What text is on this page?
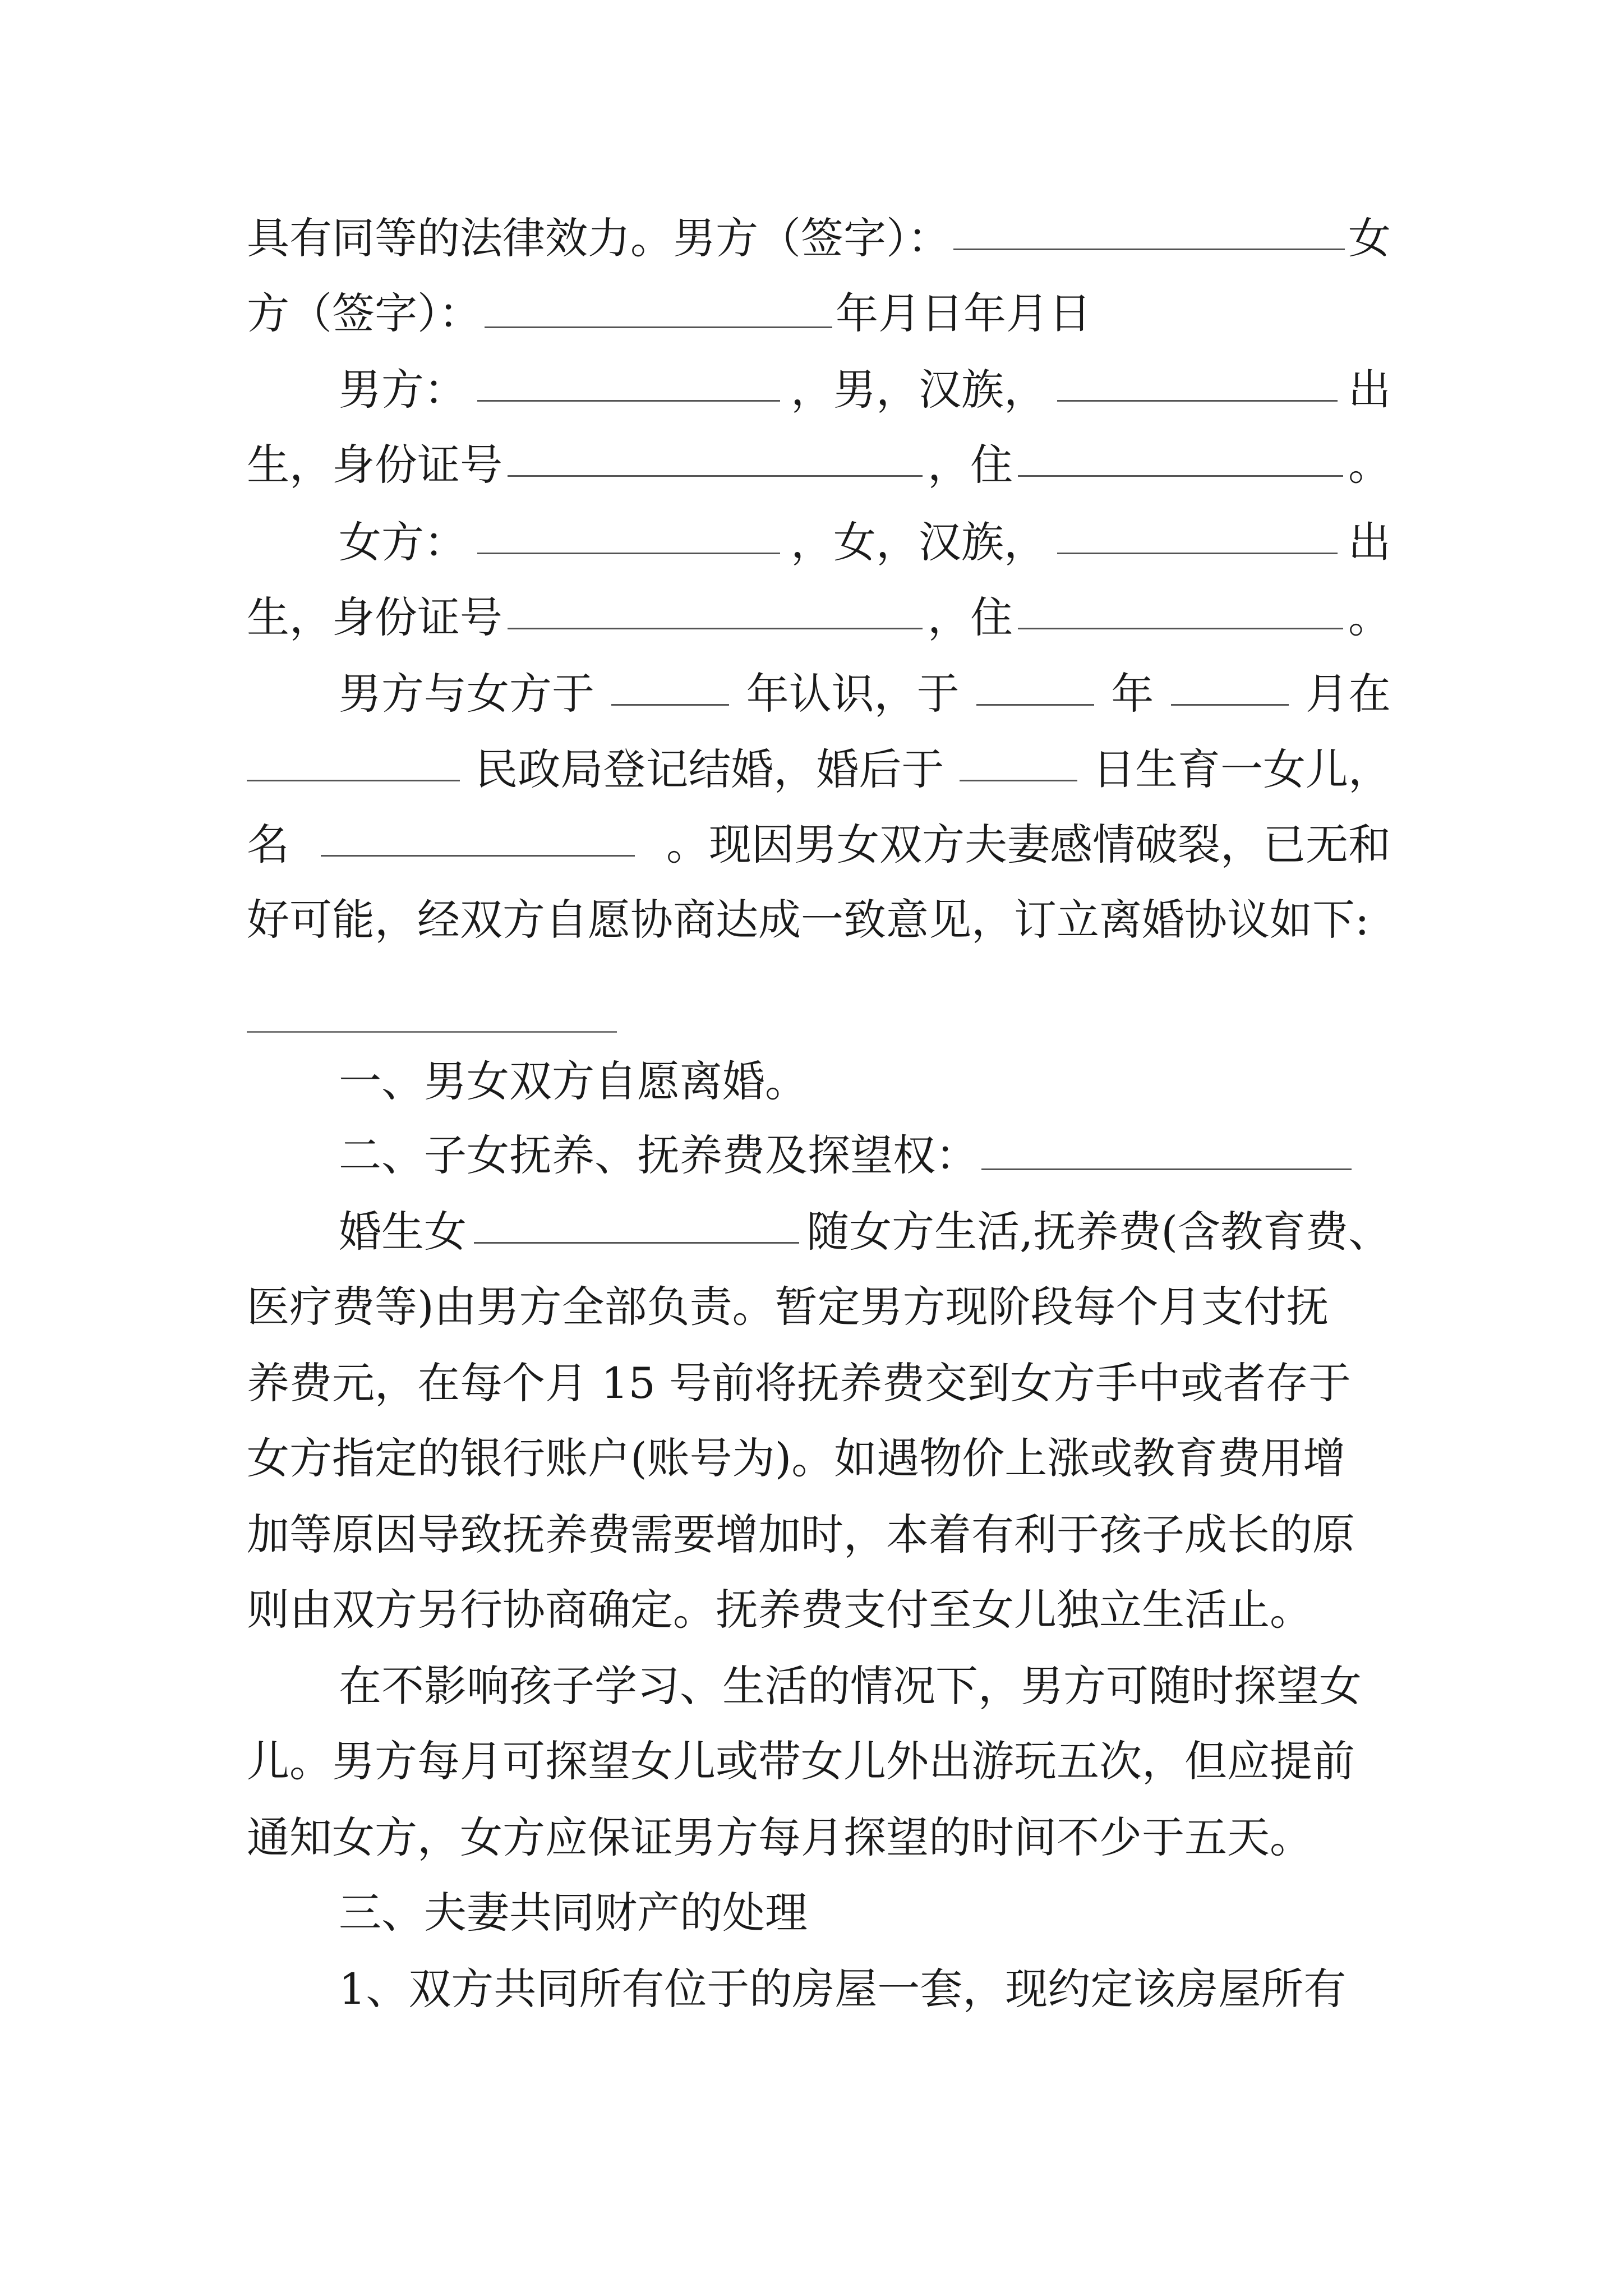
具有同等的法律效力。男方（签字）：	女
方（签字）：	年月日年月日
男方：	，男，汉族，	出
生，身份证号	，住	。
女方：	，女，汉族，	出
生，身份证号	，住	。
男方与女方于	年认识，于	年	月在
民政局登记结婚，婚后于	日生育一女儿，
名	。现因男女双方夫妻感情破裂，已无和
好可能，经双方自愿协商达成一致意见，订立离婚协议如下:
一、男女双方自愿离婚。
二、子女抚养、抚养费及探望权：
婚生女	随女方生活,抚养费(含教育费、
医疗费等)由男方全部负责。暂定男方现阶段每个月支付抚
养费元，在每个月 15 号前将抚养费交到女方手中或者存于
女方指定的银行账户(账号为)。如遇物价上涨或教育费用增
加等原因导致抚养费需要增加时，本着有利于孩子成长的原
则由双方另行协商确定。抚养费支付至女儿独立生活止。
在不影响孩子学习、生活的情况下，男方可随时探望女
儿。男方每月可探望女儿或带女儿外出游玩五次，但应提前
通知女方，女方应保证男方每月探望的时间不少于五天。
三、夫妻共同财产的处理
1、双方共同所有位于的房屋一套，现约定该房屋所有
